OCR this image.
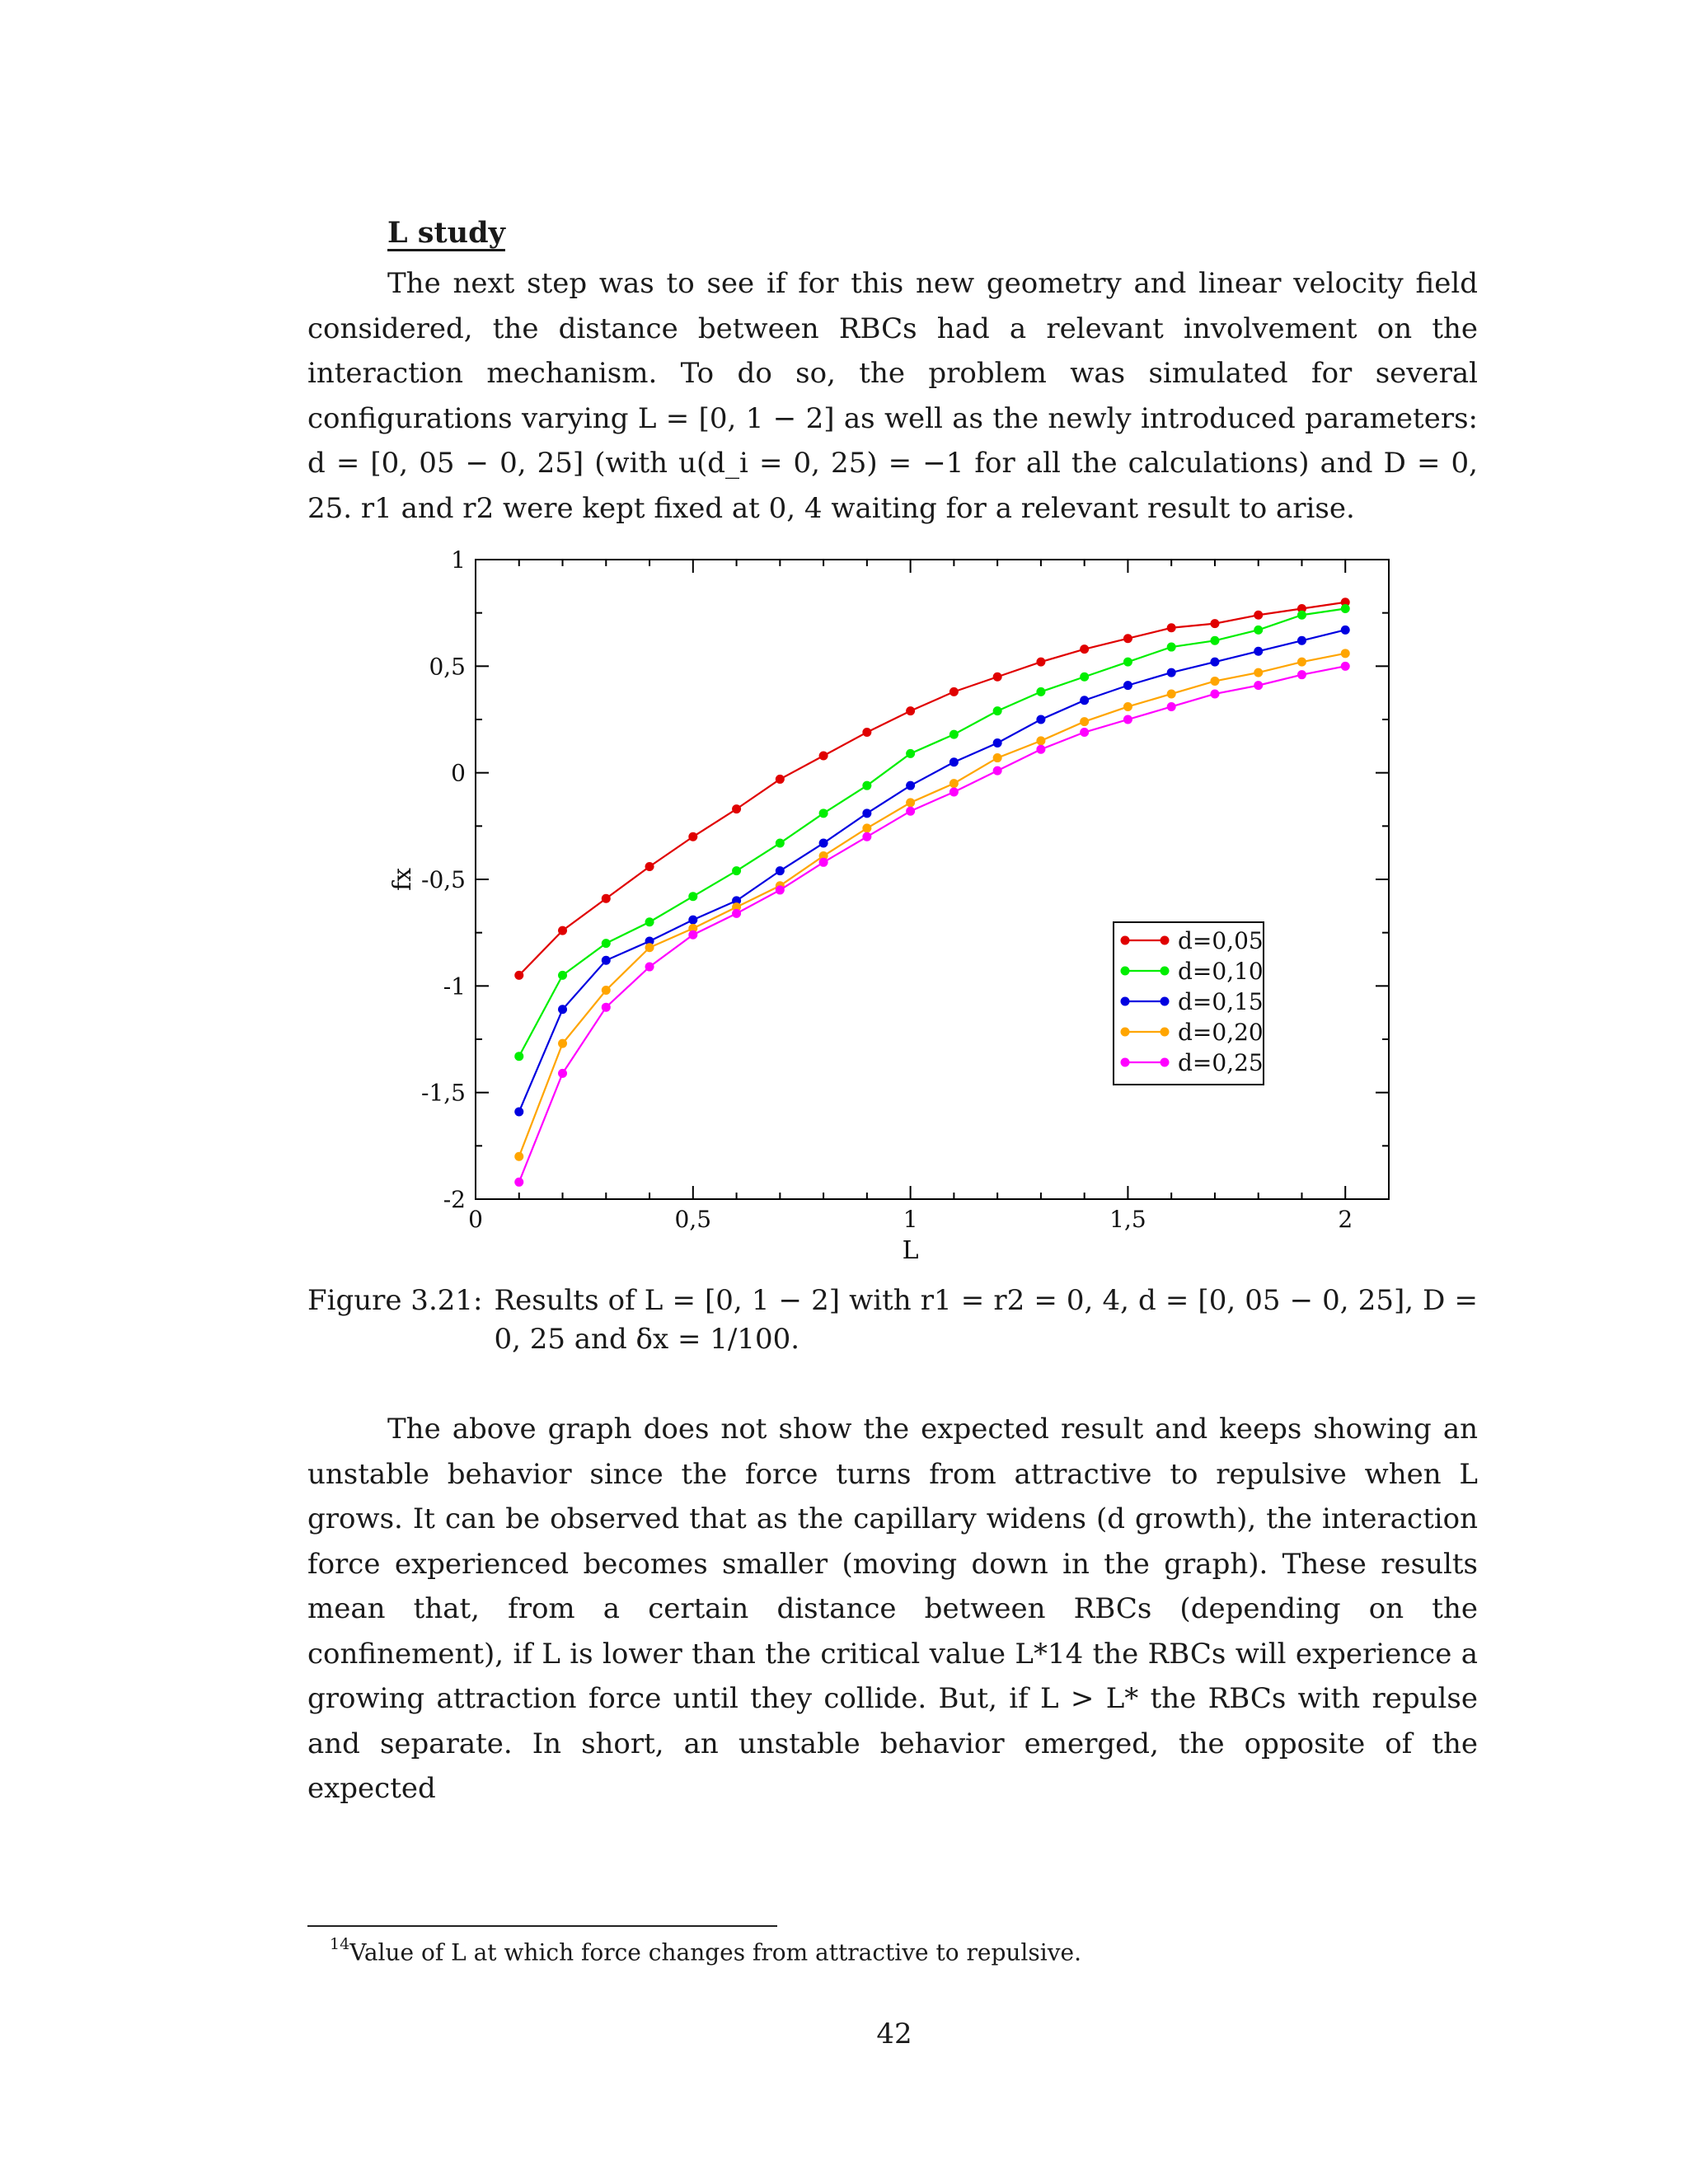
L study
The next step was to see if for this new geometry and linear velocity field considered, the distance between RBCs had a relevant involvement on the interaction mechanism. To do so, the problem was simulated for several configurations varying L = [0, 1 − 2] as well as the newly introduced parameters: d = [0, 05 − 0, 25] (with u(d_i = 0, 25) = −1 for all the calculations) and D = 0, 25. r1 and r2 were kept fixed at 0, 4 waiting for a relevant result to arise.
0	0,5	1	1,5	2
-2
-1,5
-1
-0,5
0
0,5
1
L
fx
d=0,05
d=0,10
d=0,15
d=0,20
d=0,25
Figure 3.21: Results of L = [0, 1 − 2] with r1 = r2 = 0, 4, d = [0, 05 − 0, 25], D = 0, 25 and δx = 1/100.
The above graph does not show the expected result and keeps showing an unstable behavior since the force turns from attractive to repulsive when L grows. It can be observed that as the capillary widens (d growth), the interaction force experienced becomes smaller (moving down in the graph). These results mean that, from a certain distance between RBCs (depending on the confinement), if L is lower than the critical value L*14 the RBCs will experience a growing attraction force until they collide. But, if L > L* the RBCs with repulse and separate. In short, an unstable behavior emerged, the opposite of the expected
$^{14}$Value of L at which force changes from attractive to repulsive.
42
